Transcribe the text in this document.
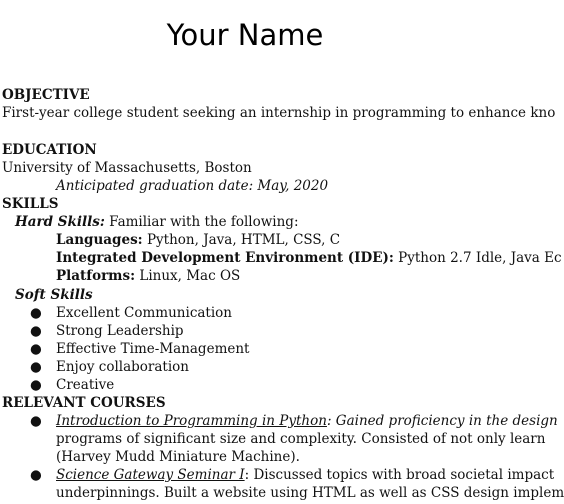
Your Name
OBJECTIVE
First-year college student seeking an internship in programming to enhance kno
EDUCATION
University of Massachusetts, Boston
Anticipated graduation date: May, 2020
SKILLS
Hard Skills: Familiar with the following:
Languages: Python, Java, HTML, CSS, C
Integrated Development Environment (IDE): Python 2.7 Idle, Java Ec
Platforms: Linux, Mac OS
Soft Skills
● Excellent Communication
● Strong Leadership
● Effective Time-Management
● Enjoy collaboration
● Creative
RELEVANT COURSES
● Introduction to Programming in Python: Gained proficiency in the design
programs of significant size and complexity. Consisted of not only learn
(Harvey Mudd Miniature Machine).
● Science Gateway Seminar I: Discussed topics with broad societal impact
underpinnings. Built a website using HTML as well as CSS design implem
